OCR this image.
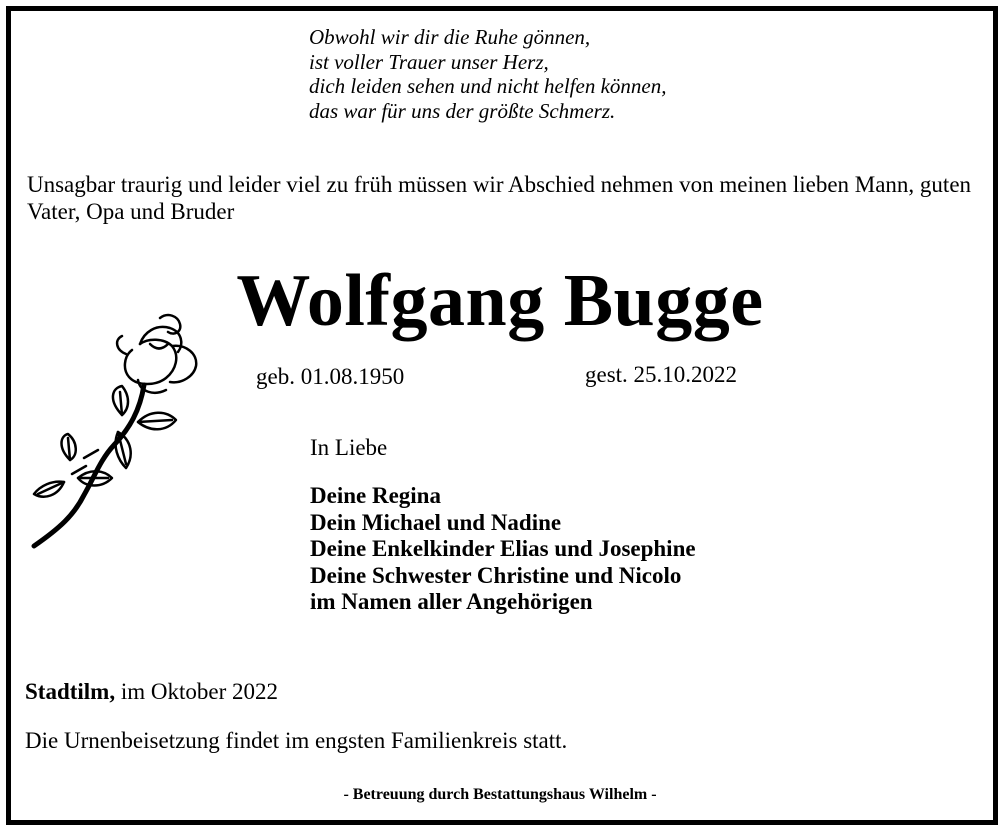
Obwohl wir dir die Ruhe gönnen,
ist voller Trauer unser Herz,
dich leiden sehen und nicht helfen können,
das war für uns der größte Schmerz.
Unsagbar traurig und leider viel zu früh müssen wir Abschied nehmen von meinen lieben Mann, guten Vater, Opa und Bruder
Wolfgang Bugge
geb. 01.08.1950	gest. 25.10.2022
In Liebe
Deine Regina
Dein Michael und Nadine
Deine Enkelkinder Elias und Josephine
Deine Schwester Christine und Nicolo
im Namen aller Angehörigen
Stadtilm, im Oktober 2022
Die Urnenbeisetzung findet im engsten Familienkreis statt.
- Betreuung durch Bestattungshaus Wilhelm -
